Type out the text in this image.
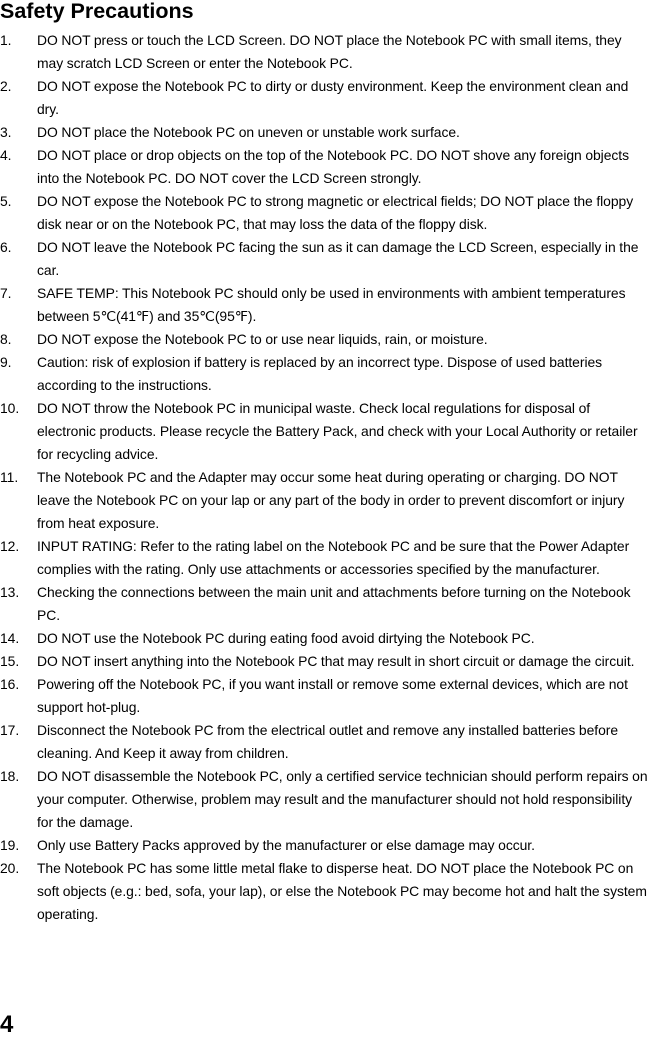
Safety Precautions
1.	DO NOT press or touch the LCD Screen. DO NOT place the Notebook PC with small items, they may scratch LCD Screen or enter the Notebook PC.
2.	DO NOT expose the Notebook PC to dirty or dusty environment. Keep the environment clean and dry.
3.	DO NOT place the Notebook PC on uneven or unstable work surface.
4.	DO NOT place or drop objects on the top of the Notebook PC. DO NOT shove any foreign objects into the Notebook PC. DO NOT cover the LCD Screen strongly.
5.	DO NOT expose the Notebook PC to strong magnetic or electrical fields; DO NOT place the floppy disk near or on the Notebook PC, that may loss the data of the floppy disk.
6.	DO NOT leave the Notebook PC facing the sun as it can damage the LCD Screen, especially in the car.
7.	SAFE TEMP: This Notebook PC should only be used in environments with ambient temperatures between 5℃(41℉) and 35℃(95℉).
8.	DO NOT expose the Notebook PC to or use near liquids, rain, or moisture.
9.	Caution: risk of explosion if battery is replaced by an incorrect type. Dispose of used batteries according to the instructions.
10.	DO NOT throw the Notebook PC in municipal waste. Check local regulations for disposal of electronic products. Please recycle the Battery Pack, and check with your Local Authority or retailer for recycling advice.
11.	The Notebook PC and the Adapter may occur some heat during operating or charging. DO NOT leave the Notebook PC on your lap or any part of the body in order to prevent discomfort or injury from heat exposure.
12.	INPUT RATING: Refer to the rating label on the Notebook PC and be sure that the Power Adapter complies with the rating. Only use attachments or accessories specified by the manufacturer.
13.	Checking the connections between the main unit and attachments before turning on the Notebook PC.
14.	DO NOT use the Notebook PC during eating food avoid dirtying the Notebook PC.
15.	DO NOT insert anything into the Notebook PC that may result in short circuit or damage the circuit.
16.	Powering off the Notebook PC, if you want install or remove some external devices, which are not support hot-plug.
17.	Disconnect the Notebook PC from the electrical outlet and remove any installed batteries before cleaning. And Keep it away from children.
18.	DO NOT disassemble the Notebook PC, only a certified service technician should perform repairs on your computer. Otherwise, problem may result and the manufacturer should not hold responsibility for the damage.
19.	Only use Battery Packs approved by the manufacturer or else damage may occur.
20.	The Notebook PC has some little metal flake to disperse heat. DO NOT place the Notebook PC on soft objects (e.g.: bed, sofa, your lap), or else the Notebook PC may become hot and halt the system operating.
4
